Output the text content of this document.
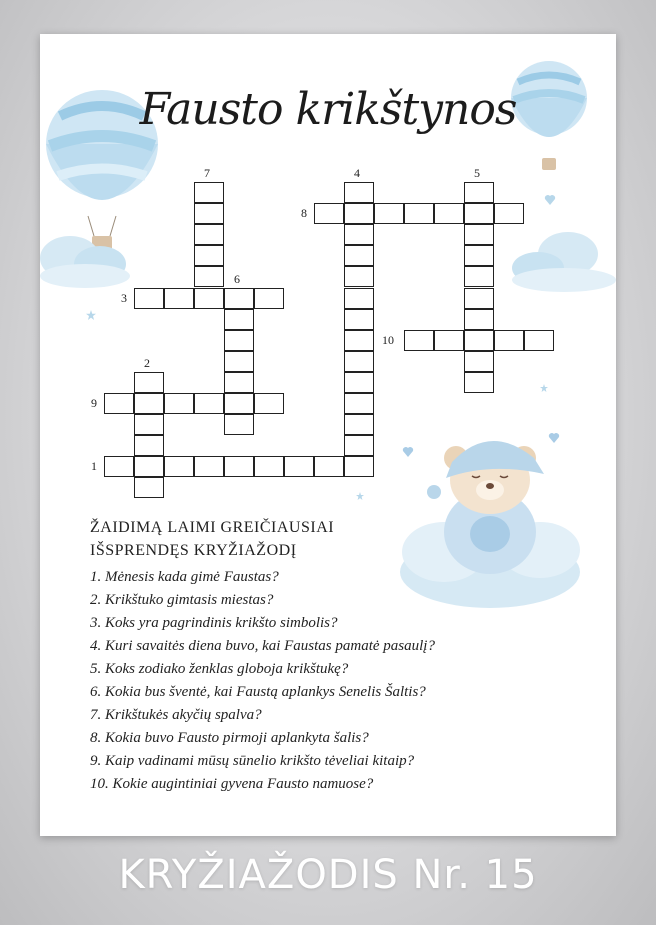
Fausto krikštynos
1
2
3
4	5
6
7
8
9
10
ŽAIDIMĄ LAIMI GREIČIAUSIAI
IŠSPRENDĘS KRYŽIAŽODĮ
1. Mėnesis kada gimė Faustas?
2. Krikštuko gimtasis miestas?
3. Koks yra pagrindinis krikšto simbolis?
4. Kuri savaitės diena buvo, kai Faustas pamatė pasaulį?
5. Koks zodiako ženklas globoja krikštukę?
6. Kokia bus šventė, kai Faustą aplankys Senelis Šaltis?
7. Krikštukės akyčių spalva?
8. Kokia buvo Fausto pirmoji aplankyta šalis?
9. Kaip vadinami mūsų sūnelio krikšto tėveliai kitaip?
10. Kokie augintiniai gyvena Fausto namuose?
KRYŽIAŽODIS Nr. 15
